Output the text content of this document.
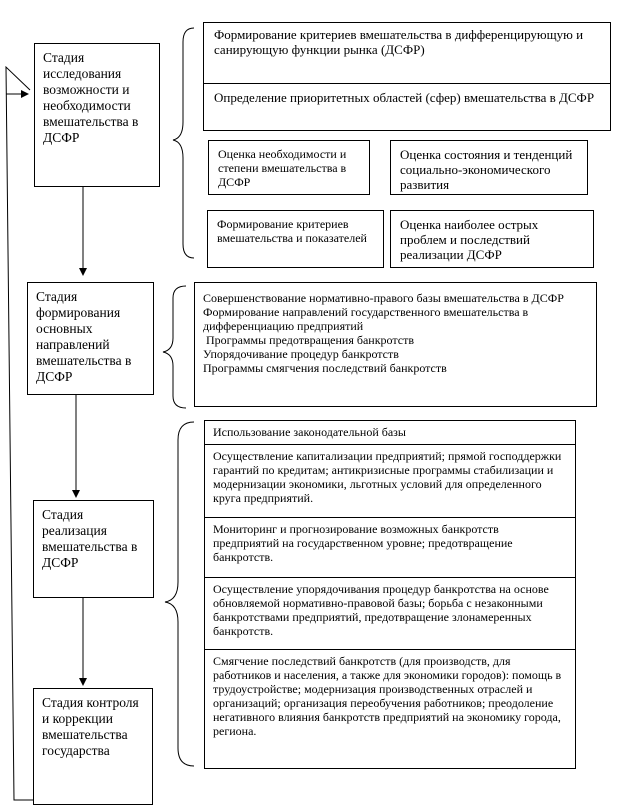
Стадия исследования возможности и необходимости вмешательства в ДСФР
Стадия формирования основных направлений вмешательства в ДСФР
Стадия реализация вмешательства в ДСФР
Стадия контроля и коррекции вмешательства государства
Формирование критериев вмешательства в дифференцирующую и санирующую функции рынка (ДСФР)
Определение приоритетных областей (сфер) вмешательства в ДСФР
Оценка необходимости и степени вмешательства в ДСФР
Оценка состояния и тенденций социально-экономического развития
Формирование критериев вмешательства и показателей
Оценка наиболее острых проблем и последствий реализации ДСФР

Совершенствование нормативно-правого базы вмешательства в ДСФР

Формирование направлений государственного вмешательства в дифференциацию предприятий

Программы предотвращения банкротств

Упорядочивание процедур банкротств

Программы смягчения последствий банкротств

Использование законодательной базы
Осуществление капитализации предприятий; прямой господдержки гарантий по кредитам; антикризисные программы стабилизации и модернизации экономики, льготных условий для определенного круга предприятий.
Мониторинг и прогнозирование возможных банкротств предприятий на государственном уровне; предотвращение банкротств.
Осуществление упорядочивания процедур банкротства на основе обновляемой нормативно-правовой базы; борьба с незаконными банкротствами предприятий, предотвращение злонамеренных банкротств.
Смягчение последствий банкротств (для производств, для работников и населения, а также для экономики городов): помощь в трудоустройстве; модернизация производственных отраслей и организаций; организация переобучения работников; преодоление негативного влияния банкротств предприятий на экономику города, региона.
